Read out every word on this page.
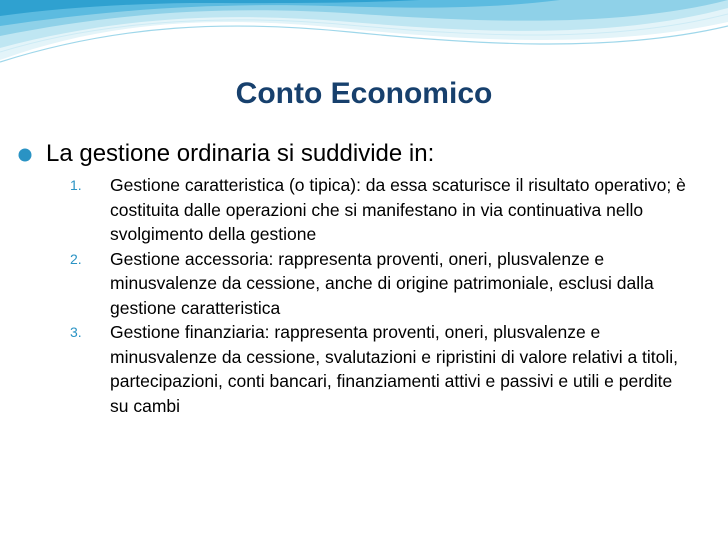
Conto Economico
La gestione ordinaria si suddivide in:
1. Gestione caratteristica (o tipica): da essa scaturisce il risultato operativo; è costituita dalle operazioni che si manifestano in via continuativa nello svolgimento della gestione
2. Gestione accessoria: rappresenta proventi, oneri, plusvalenze e minusvalenze da cessione, anche di origine patrimoniale, esclusi dalla gestione caratteristica
3. Gestione finanziaria: rappresenta proventi, oneri, plusvalenze e minusvalenze da cessione, svalutazioni e ripristini di valore relativi a titoli, partecipazioni, conti bancari, finanziamenti attivi e passivi e utili e perdite su cambi
